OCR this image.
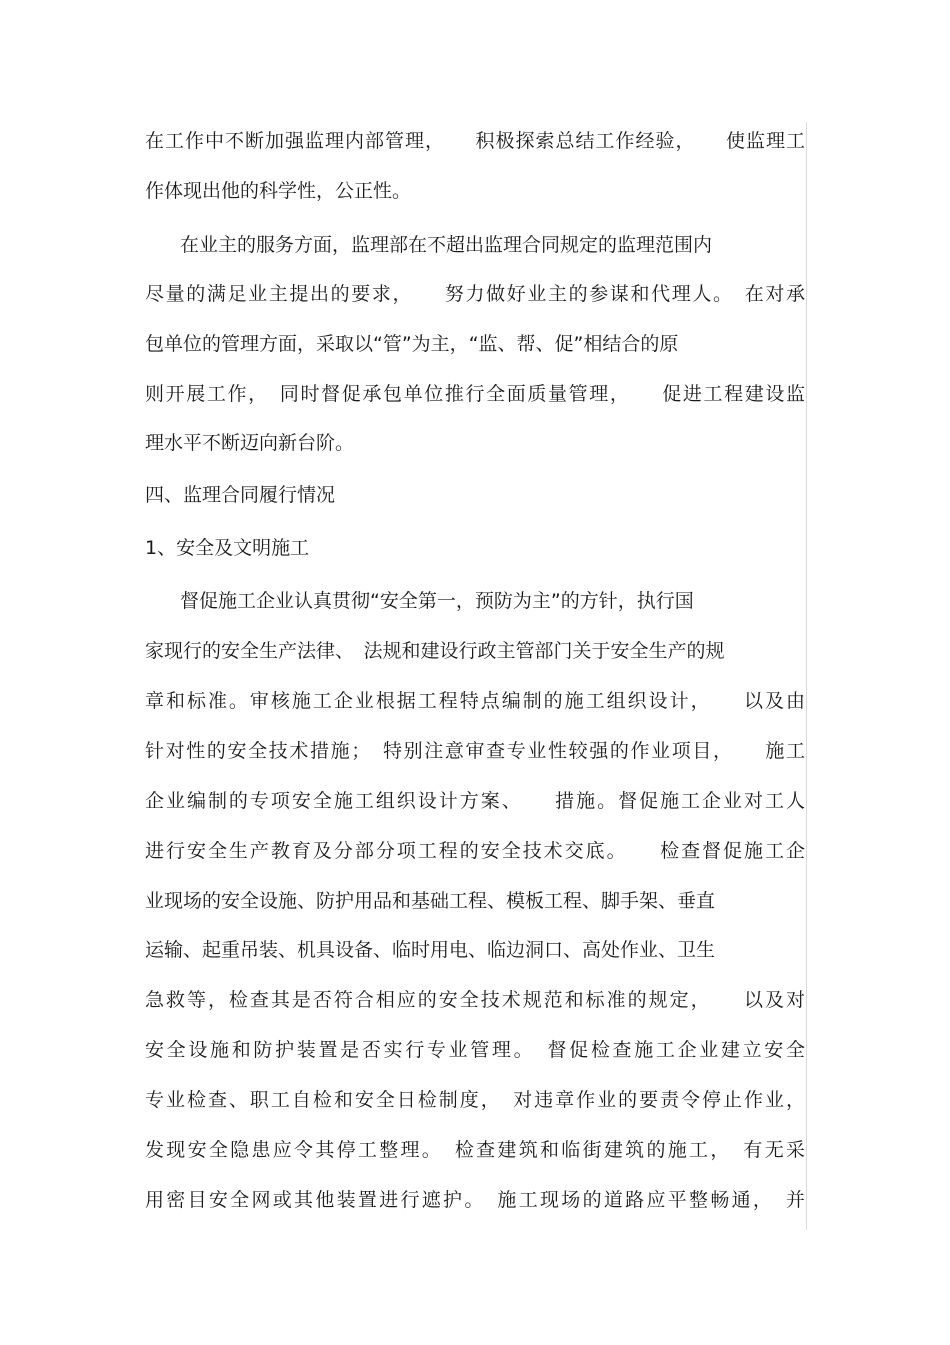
在工作中不断加强监理内部管理，　　积极探索总结工作经验，　　使监理工
作体现出他的科学性，公正性。
在业主的服务方面，监理部在不超出监理合同规定的监理范围内
尽量的满足业主提出的要求，　　努力做好业主的参谋和代理人。　在对承
包单位的管理方面，采取以“管”为主，“监、帮、促”相结合的原
则开展工作，　同时督促承包单位推行全面质量管理，　　促进工程建设监
理水平不断迈向新台阶。
四、监理合同履行情况
1、安全及文明施工
督促施工企业认真贯彻“安全第一，预防为主”的方针，执行国
家现行的安全生产法律、　法规和建设行政主管部门关于安全生产的规
章和标准。审核施工企业根据工程特点编制的施工组织设计，　　以及由
针对性的安全技术措施；　特别注意审查专业性较强的作业项目，　　施工
企业编制的专项安全施工组织设计方案、　　措施。督促施工企业对工人
进行安全生产教育及分部分项工程的安全技术交底。　　检查督促施工企
业现场的安全设施、防护用品和基础工程、模板工程、脚手架、垂直
运输、起重吊装、机具设备、临时用电、临边洞口、高处作业、卫生
急救等，检查其是否符合相应的安全技术规范和标准的规定，　　以及对
安全设施和防护装置是否实行专业管理。　督促检查施工企业建立安全
专业检查、职工自检和安全日检制度，　对违章作业的要责令停止作业，
发现安全隐患应令其停工整理。　检查建筑和临街建筑的施工，　有无采
用密目安全网或其他装置进行遮护。　施工现场的道路应平整畅通，　并
